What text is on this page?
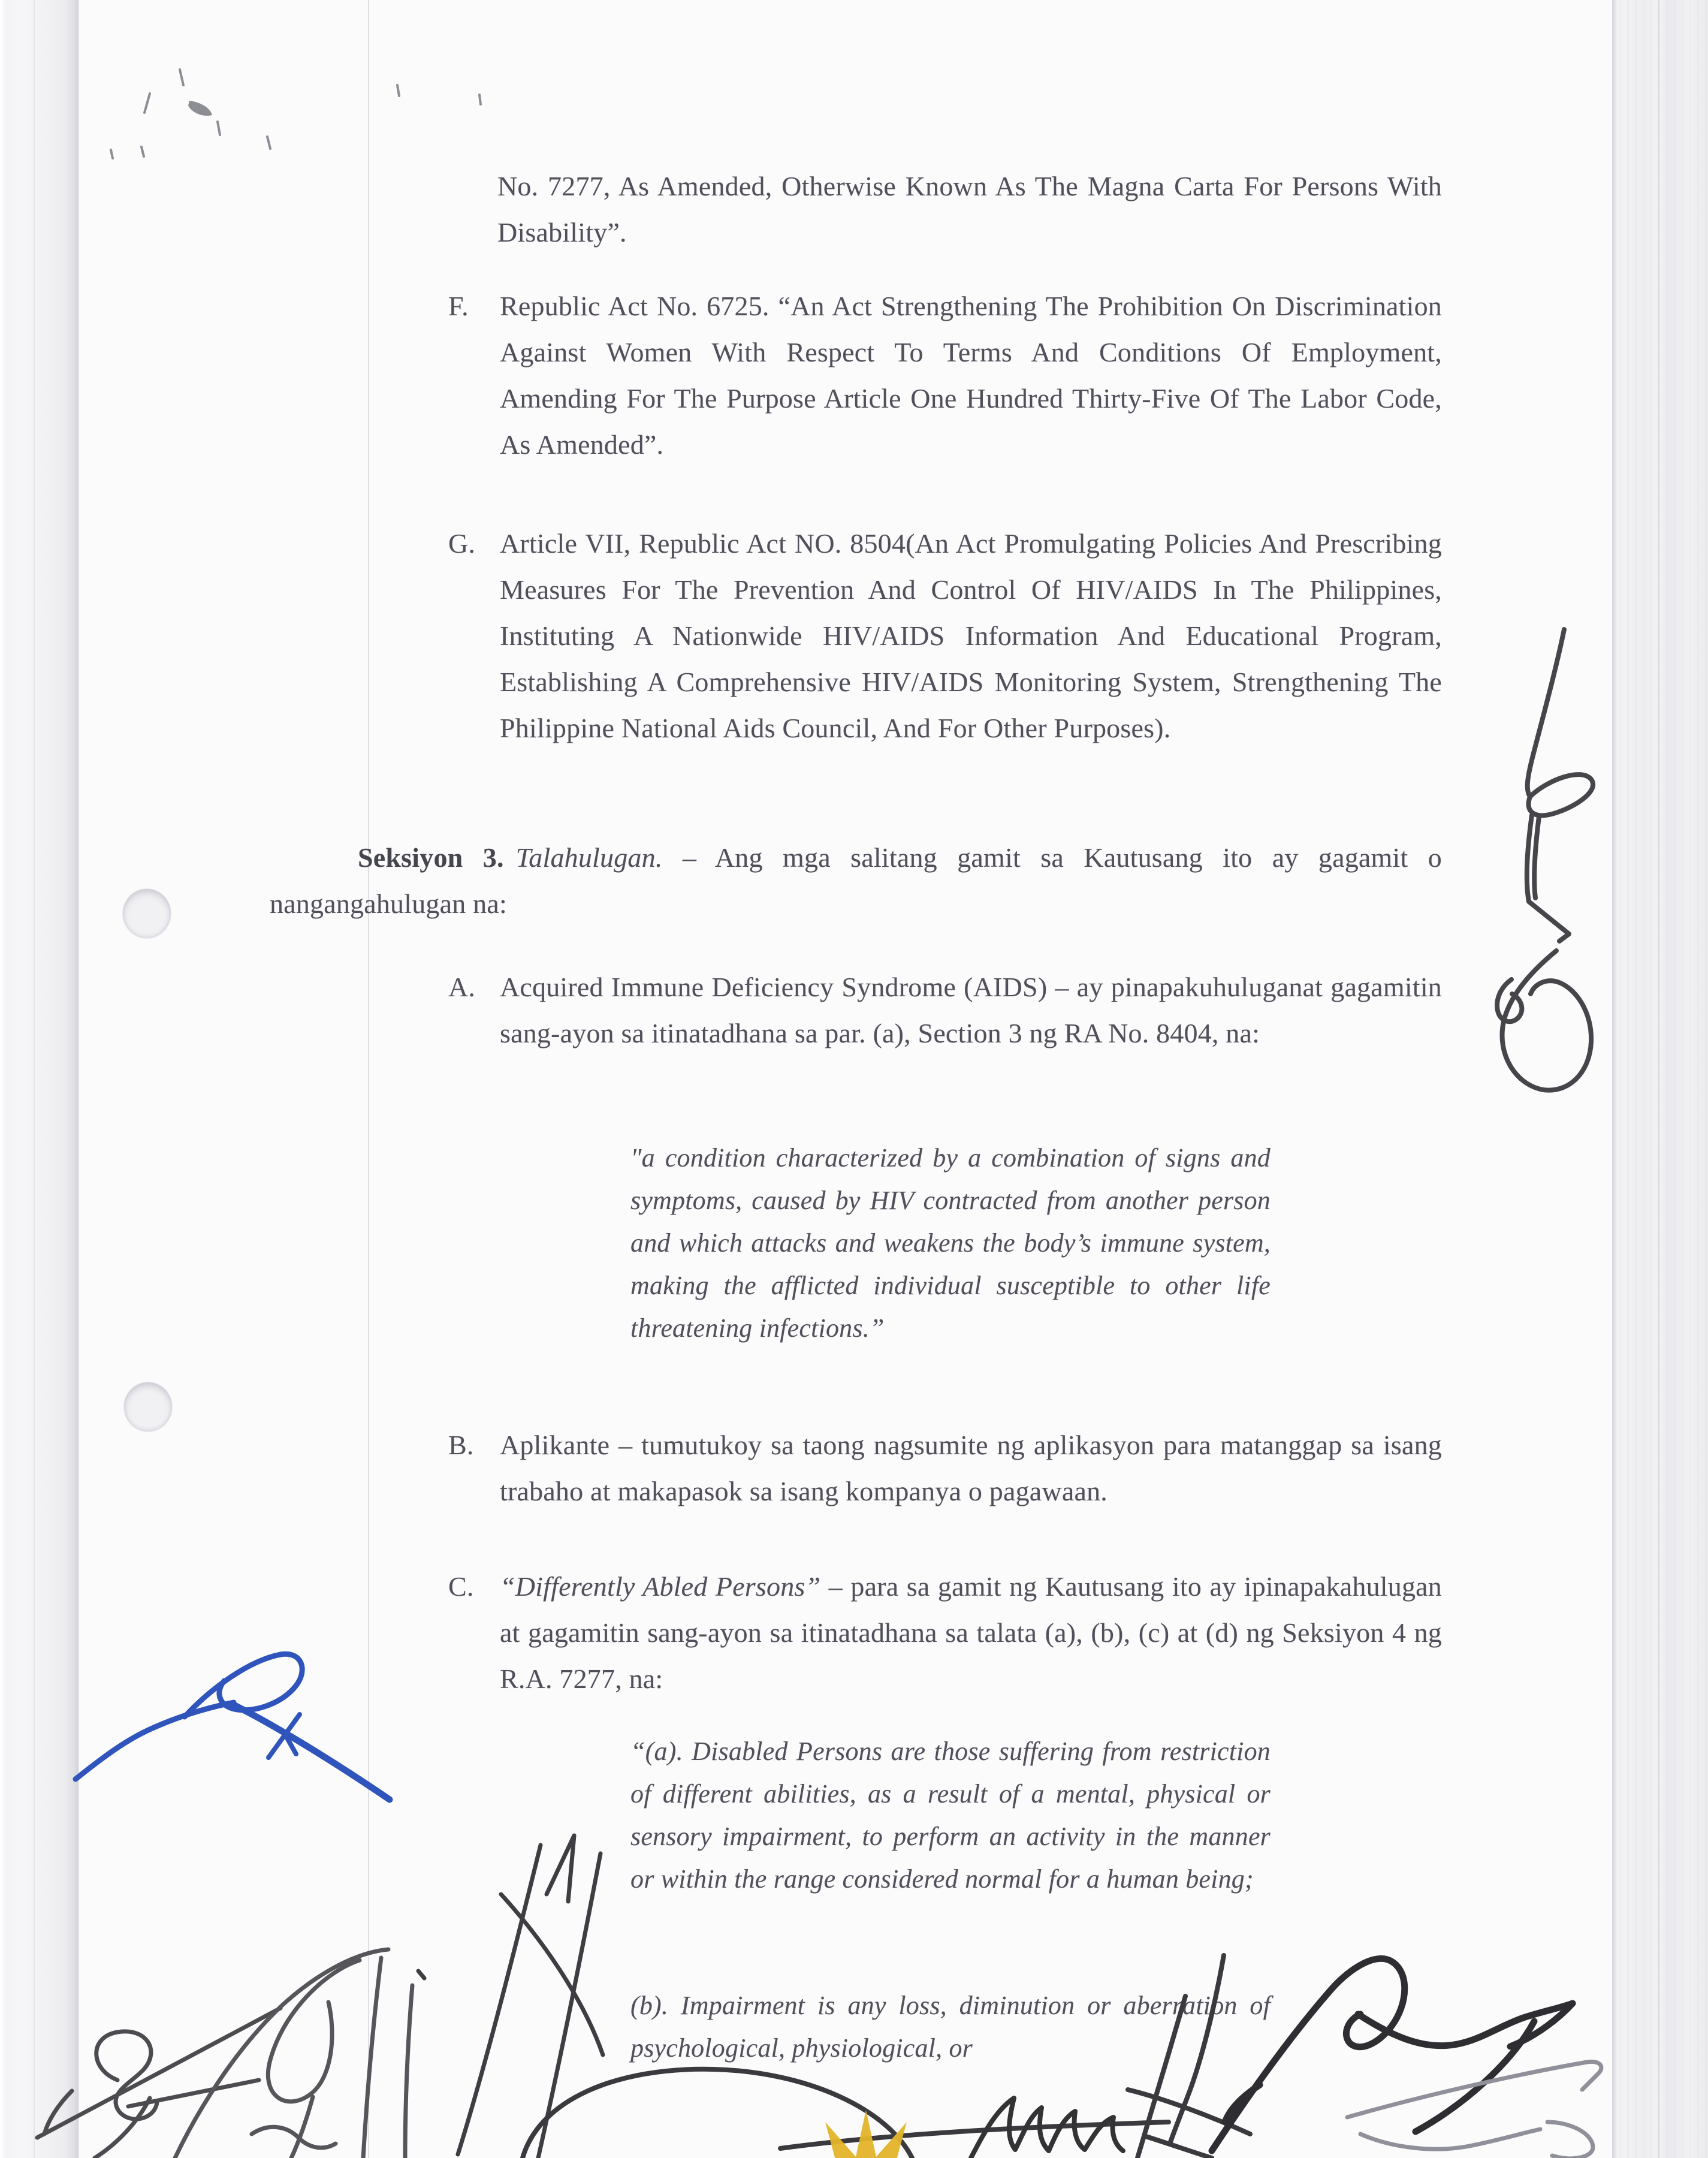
No. 7277, As Amended, Otherwise Known As The Magna Carta For Persons With Disability”.
F. Republic Act No. 6725. “An Act Strengthening The Prohibition On Discrimination Against Women With Respect To Terms And Conditions Of Employment, Amending For The Purpose Article One Hundred Thirty-Five Of The Labor Code, As Amended”.
G. Article VII, Republic Act NO. 8504(An Act Promulgating Policies And Prescribing Measures For The Prevention And Control Of HIV/AIDS In The Philippines, Instituting A Nationwide HIV/AIDS Information And Educational Program, Establishing A Comprehensive HIV/AIDS Monitoring System, Strengthening The Philippine National Aids Council, And For Other Purposes).
Seksiyon 3. Talahulugan. – Ang mga salitang gamit sa Kautusang ito ay gagamit o nangangahulugan na:
A. Acquired Immune Deficiency Syndrome (AIDS) – ay pinapakuhuluganat gagamitin sang-ayon sa itinatadhana sa par. (a), Section 3 ng RA No. 8404, na:
"a condition characterized by a combination of signs and symptoms, caused by HIV contracted from another person and which attacks and weakens the body’s immune system, making the afflicted individual susceptible to other life threatening infections.”
B. Aplikante – tumutukoy sa taong nagsumite ng aplikasyon para matanggap sa isang trabaho at makapasok sa isang kompanya o pagawaan.
C. “Differently Abled Persons” – para sa gamit ng Kautusang ito ay ipinapakahulugan at gagamitin sang-ayon sa itinatadhana sa talata (a), (b), (c) at (d) ng Seksiyon 4 ng R.A. 7277, na:
“(a). Disabled Persons are those suffering from restriction of different abilities, as a result of a mental, physical or sensory impairment, to perform an activity in the manner or within the range considered normal for a human being;
(b). Impairment is any loss, diminution or aberration of psychological, physiological, or
